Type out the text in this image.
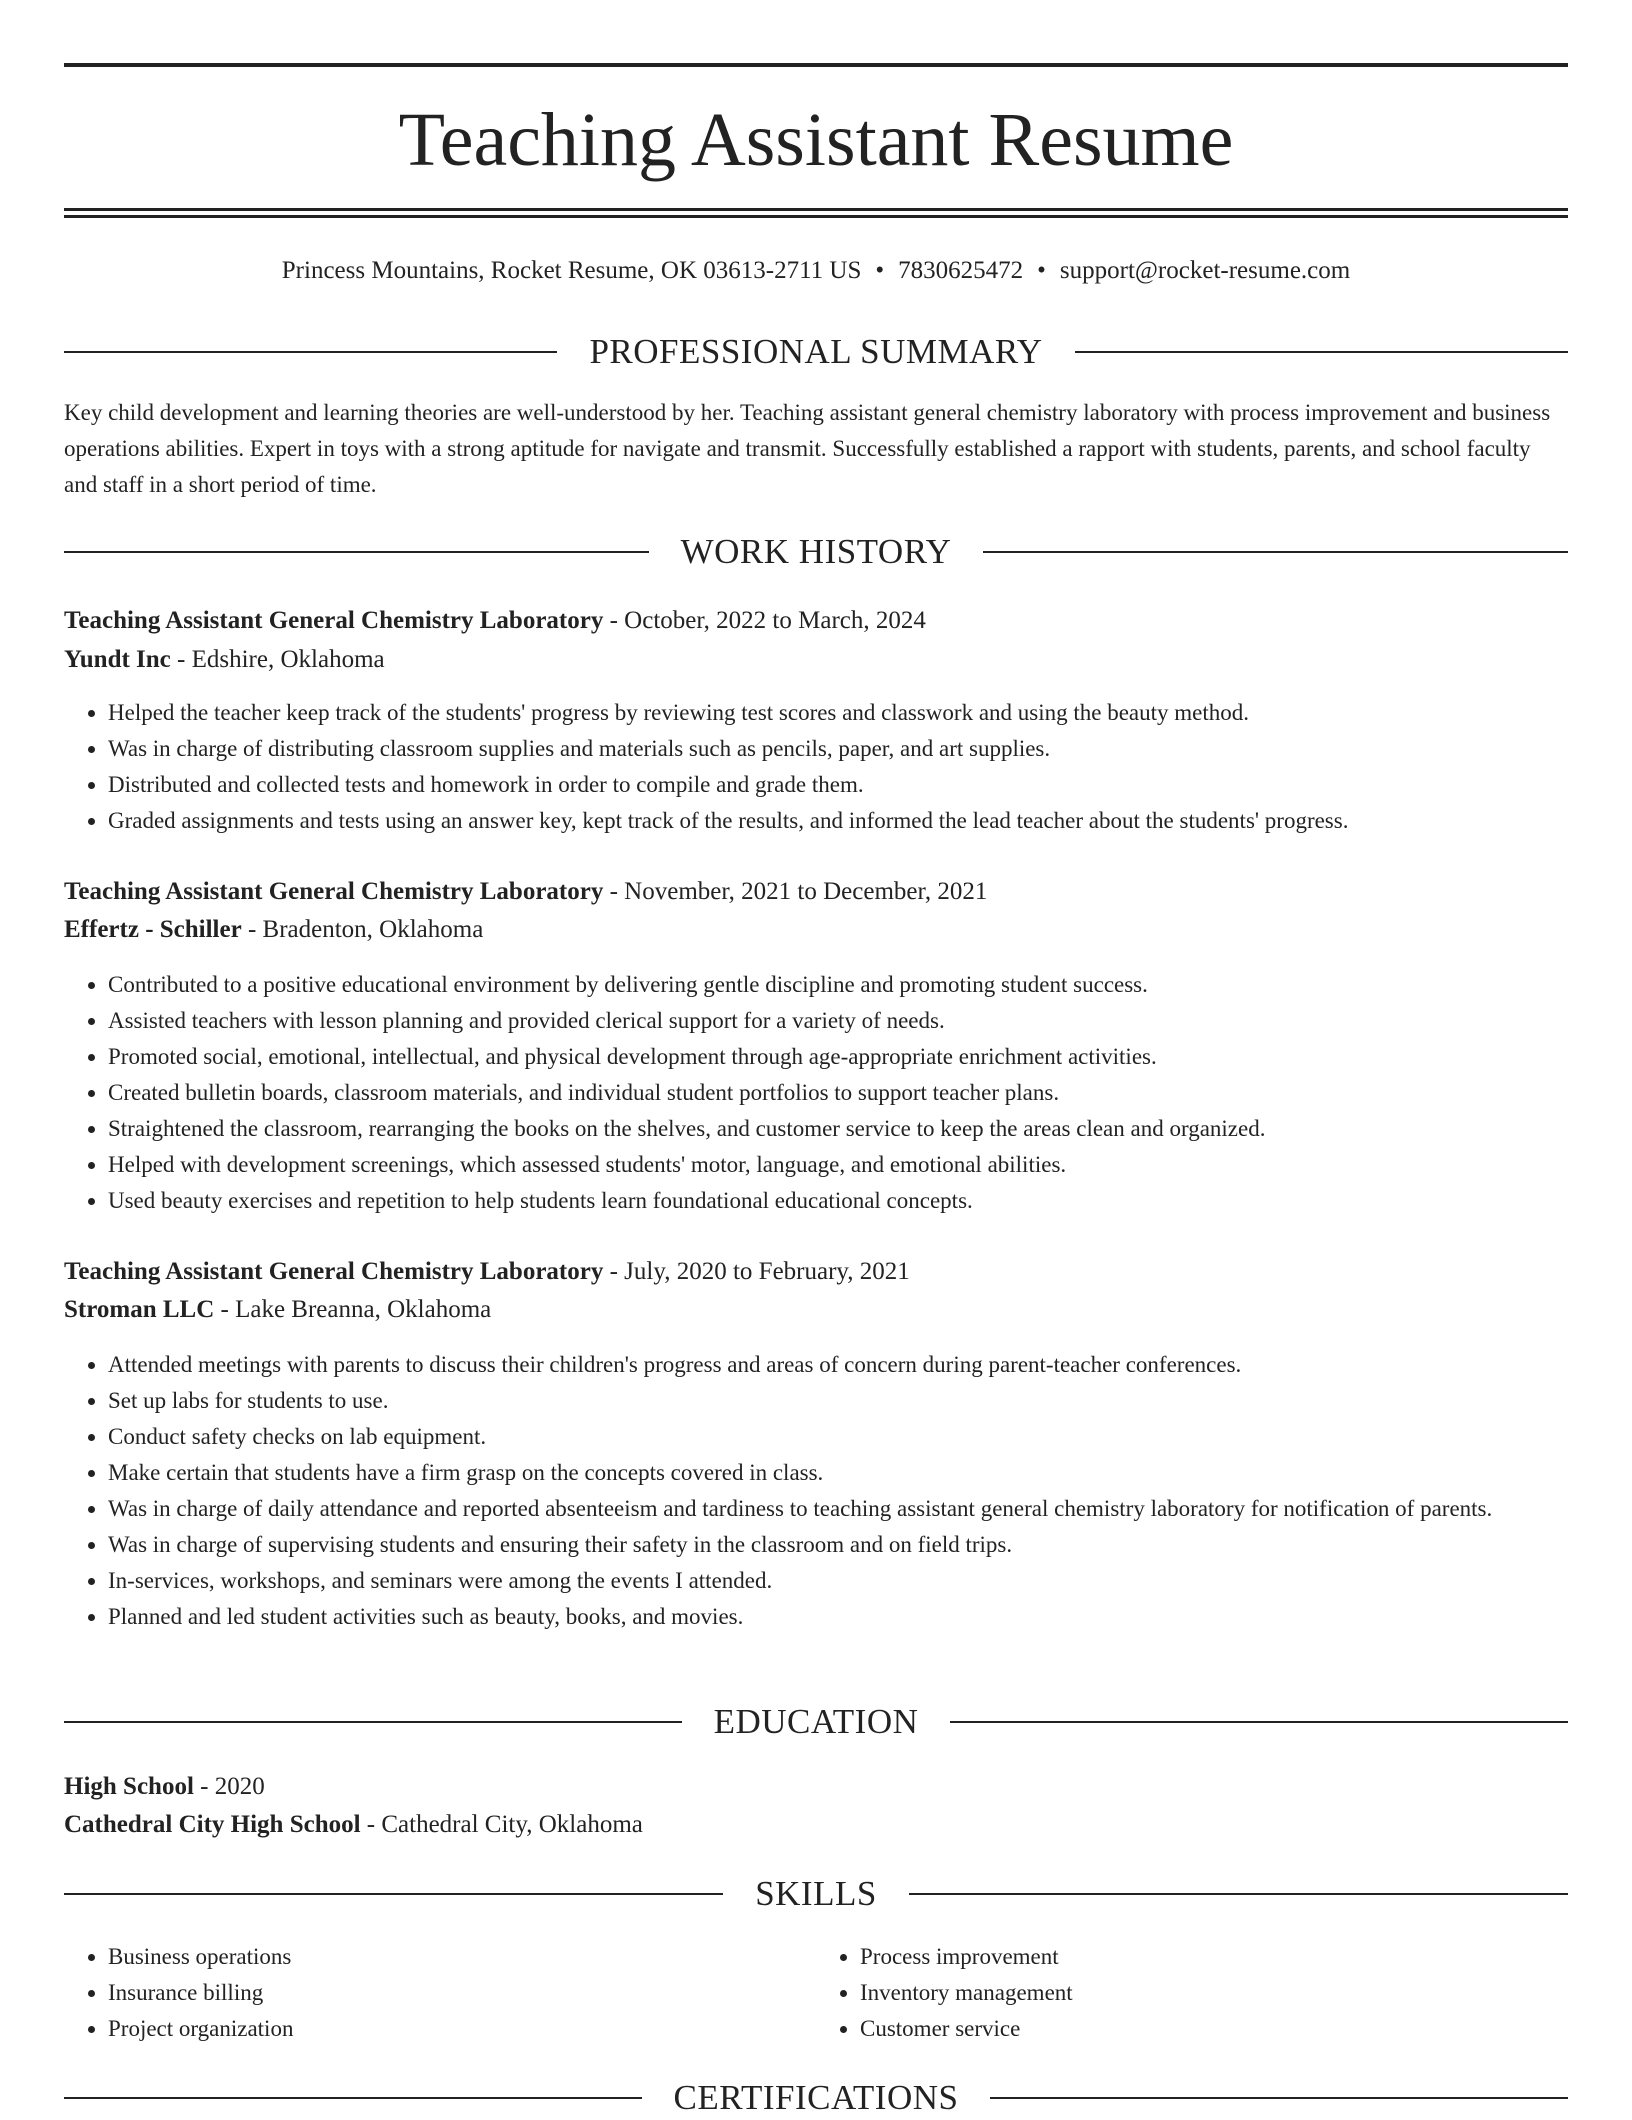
Teaching Assistant Resume
Princess Mountains, Rocket Resume, OK 03613-2711 US • 7830625472 • support@rocket-resume.com
PROFESSIONAL SUMMARY

Key child development and learning theories are well-understood by her. Teaching assistant general chemistry laboratory with process improvement and business operations abilities. Expert in toys with a strong aptitude for navigate and transmit. Successfully established a rapport with students, parents, and school faculty and staff in a short period of time.

WORK HISTORY
Teaching Assistant General Chemistry Laboratory - October, 2022 to March, 2024
Yundt Inc - Edshire, Oklahoma
• Helped the teacher keep track of the students' progress by reviewing test scores and classwork and using the beauty method.
• Was in charge of distributing classroom supplies and materials such as pencils, paper, and art supplies.
• Distributed and collected tests and homework in order to compile and grade them.
• Graded assignments and tests using an answer key, kept track of the results, and informed the lead teacher about the students' progress.
Teaching Assistant General Chemistry Laboratory - November, 2021 to December, 2021
Effertz - Schiller - Bradenton, Oklahoma
• Contributed to a positive educational environment by delivering gentle discipline and promoting student success.
• Assisted teachers with lesson planning and provided clerical support for a variety of needs.
• Promoted social, emotional, intellectual, and physical development through age-appropriate enrichment activities.
• Created bulletin boards, classroom materials, and individual student portfolios to support teacher plans.
• Straightened the classroom, rearranging the books on the shelves, and customer service to keep the areas clean and organized.
• Helped with development screenings, which assessed students' motor, language, and emotional abilities.
• Used beauty exercises and repetition to help students learn foundational educational concepts.
Teaching Assistant General Chemistry Laboratory - July, 2020 to February, 2021
Stroman LLC - Lake Breanna, Oklahoma
• Attended meetings with parents to discuss their children's progress and areas of concern during parent-teacher conferences.
• Set up labs for students to use.
• Conduct safety checks on lab equipment.
• Make certain that students have a firm grasp on the concepts covered in class.
• Was in charge of daily attendance and reported absenteeism and tardiness to teaching assistant general chemistry laboratory for notification of parents.
• Was in charge of supervising students and ensuring their safety in the classroom and on field trips.
• In-services, workshops, and seminars were among the events I attended.
• Planned and led student activities such as beauty, books, and movies.
EDUCATION
High School - 2020
Cathedral City High School - Cathedral City, Oklahoma
SKILLS
• Business operations
• Insurance billing
• Project organization
• Process improvement
• Inventory management
• Customer service
CERTIFICATIONS
